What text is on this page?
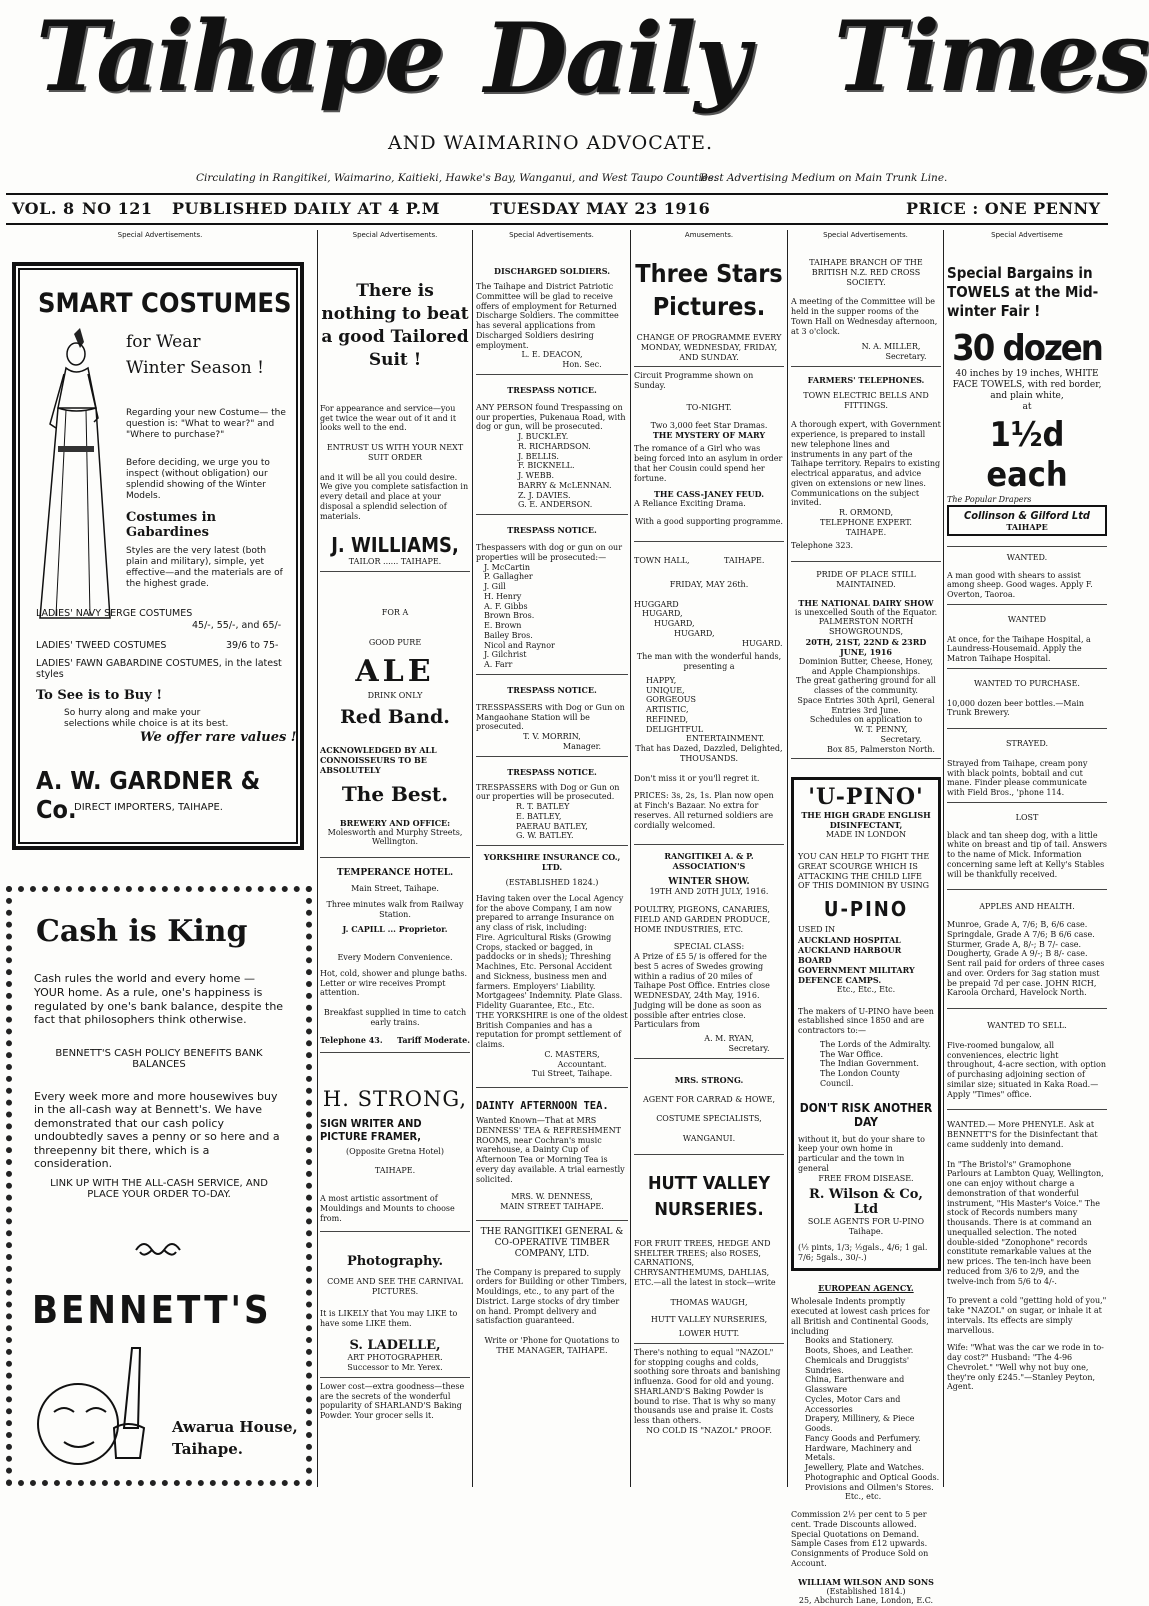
Taihape Daily Times
AND WAIMARINO ADVOCATE.
Circulating in Rangitikei, Waimarino, Kaitieki, Hawke's Bay, Wanganui, and West Taupo Counties.
Best Advertising Medium on Main Trunk Line.
VOL. 8 NO 121 PUBLISHED DAILY AT 4 P.M	TUESDAY MAY 23 1916	PRICE : ONE PENNY
Special Advertisements.	Special Advertisements.	Special Advertisements.	Amusements.	Special Advertisements.	Special Advertiseme
SMART COSTUMES
for Wear
Winter Season !
Regarding your new Costume— the question is: "What to wear?" and "Where to purchase?"
Before deciding, we urge you to inspect (without obligation) our splendid showing of the Winter Models.
Costumes in Gabardines
Styles are the very latest (both plain and military), simple, yet effective—and the materials are of the highest grade.
LADIES' NAVY SERGE COSTUMES
45/-, 55/-, and 65/-
LADIES' TWEED COSTUMES	39/6 to 75-
LADIES' FAWN GABARDINE COSTUMES, in the latest styles
To See is to Buy !
So hurry along and make your selections while choice is at its best.
We offer rare values !
A. W. GARDNER & Co.
DIRECT IMPORTERS, TAIHAPE.
Cash is King
Cash rules the world and every home —YOUR home. As a rule, one's happiness is regulated by one's bank balance, despite the fact that philosophers think otherwise.
BENNETT'S CASH POLICY BENEFITS BANK BALANCES
Every week more and more housewives buy in the all-cash way at Bennett's. We have demonstrated that our cash policy undoubtedly saves a penny or so here and a threepenny bit there, which is a consideration.
LINK UP WITH THE ALL-CASH SERVICE, AND PLACE YOUR ORDER TO-DAY.
BENNETT'S
Awarua House,
Taihape.
There is nothing to beat a good Tailored Suit !
For appearance and service—you get twice the wear out of it and it looks well to the end.
ENTRUST US WITH YOUR NEXT SUIT ORDER
and it will be all you could desire. We give you complete satisfaction in every detail and place at your disposal a splendid selection of materials.
J. WILLIAMS,
TAILOR ...... TAIHAPE.
FOR A
GOOD PURE
ALE
DRINK ONLY
Red Band.
ACKNOWLEDGED BY ALL CONNOISSEURS TO BE ABSOLUTELY
The Best.
BREWERY AND OFFICE:
Molesworth and Murphy Streets, Wellington.
TEMPERANCE HOTEL.
Main Street, Taihape.
Three minutes walk from Railway Station.
J. CAPILL ... Proprietor.
Every Modern Convenience.
Hot, cold, shower and plunge baths. Letter or wire receives Prompt attention.
Breakfast supplied in time to catch early trains.
Telephone 43. Tariff Moderate.
H. STRONG,
SIGN WRITER AND PICTURE FRAMER,
(Opposite Gretna Hotel)
TAIHAPE.
A most artistic assortment of Mouldings and Mounts to choose from.
Photography.
COME AND SEE THE CARNIVAL PICTURES.
It is LIKELY that You may LIKE to have some LIKE them.
S. LADELLE,
ART PHOTOGRAPHER.
Successor to Mr. Yerex.
Lower cost—extra goodness—these are the secrets of the wonderful popularity of SHARLAND'S Baking Powder. Your grocer sells it.
DISCHARGED SOLDIERS.
The Taihape and District Patriotic Committee will be glad to receive offers of employment for Returned Discharge Soldiers. The committee has several applications from Discharged Soldiers desiring employment.
L. E. DEACON,
Hon. Sec.
TRESPASS NOTICE.
ANY PERSON found Trespassing on our properties, Pukenaua Road, with dog or gun, will be prosecuted.
J. BUCKLEY.
R. RICHARDSON.
J. BELLIS.
F. BICKNELL.
J. WEBB.
BARRY & McLENNAN.
Z. J. DAVIES.
G. E. ANDERSON.
TRESPASS NOTICE.
Thespassers with dog or gun on our properties will be prosecuted:—
J. McCartin
P. Gallagher
J. Gill
H. Henry
A. F. Gibbs
Brown Bros.
E. Brown
Bailey Bros.
Nicol and Raynor
J. Gilchrist
A. Farr
TRESPASS NOTICE.
TRESSPASSERS with Dog or Gun on Mangaohane Station will be prosecuted.
T. V. MORRIN,
Manager.
TRESPASS NOTICE.
TRESPASSERS with Dog or Gun on our properties will be prosecuted.
R. T. BATLEY
E. BATLEY,
PAERAU BATLEY,
G. W. BATLEY.
YORKSHIRE INSURANCE CO., LTD.
(ESTABLISHED 1824.)
Having taken over the Local Agency for the above Company, I am now prepared to arrange Insurance on any class of risk, including:
Fire. Agricultural Risks (Growing Crops, stacked or bagged, in paddocks or in sheds); Threshing Machines, Etc. Personal Accident and Sickness, business men and farmers. Employers' Liability. Mortgagees' Indemnity. Plate Glass. Fidelity Guarantee, Etc., Etc.
THE YORKSHIRE is one of the oldest British Companies and has a reputation for prompt settlement of claims.
C. MASTERS,
Accountant.
Tui Street, Taihape.
DAINTY AFTERNOON TEA.
Wanted Known—That at MRS DENNESS' TEA & REFRESHMENT ROOMS, near Cochran's music warehouse, a Dainty Cup of Afternoon Tea or Morning Tea is every day available. A trial earnestly solicited.
MRS. W. DENNESS,
MAIN STREET TAIHAPE.
THE RANGITIKEI GENERAL & CO-OPERATIVE TIMBER COMPANY, LTD.
The Company is prepared to supply orders for Building or other Timbers, Mouldings, etc., to any part of the District. Large stocks of dry timber on hand. Prompt delivery and satisfaction guaranteed.
Write or 'Phone for Quotations to
THE MANAGER, TAIHAPE.
Three Stars Pictures.
CHANGE OF PROGRAMME EVERY MONDAY, WEDNESDAY, FRIDAY, AND SUNDAY.
Circuit Programme shown on Sunday.
TO-NIGHT.
Two 3,000 feet Star Dramas.
THE MYSTERY OF MARY
The romance of a Girl who was being forced into an asylum in order that her Cousin could spend her fortune.
THE CASS-JANEY FEUD.
A Reliance Exciting Drama.
With a good supporting programme.
TOWN HALL,	TAIHAPE.
FRIDAY, MAY 26th.
HUGGARD
HUGARD,
HUGARD,
HUGARD,
HUGARD.
The man with the wonderful hands, presenting a
HAPPY,
UNIQUE,
GORGEOUS
ARTISTIC,
REFINED,
DELIGHTFUL
ENTERTAINMENT.
That has Dazed, Dazzled, Delighted, THOUSANDS.
Don't miss it or you'll regret it.
PRICES: 3s, 2s, 1s. Plan now open at Finch's Bazaar. No extra for reserves. All returned soldiers are cordially welcomed.
RANGITIKEI A. & P. ASSOCIATION'S
WINTER SHOW.
19TH AND 20TH JULY, 1916.
POULTRY, PIGEONS, CANARIES, FIELD AND GARDEN PRODUCE, HOME INDUSTRIES, ETC.
SPECIAL CLASS:
A Prize of £5 5/ is offered for the best 5 acres of Swedes growing within a radius of 20 miles of Taihape Post Office. Entries close WEDNESDAY, 24th May, 1916. Judging will be done as soon as possible after entries close. Particulars from
A. M. RYAN,
Secretary.
MRS. STRONG.
AGENT FOR CARRAD & HOWE,
COSTUME SPECIALISTS,
WANGANUI.
HUTT VALLEY NURSERIES.
FOR FRUIT TREES, HEDGE AND SHELTER TREES; also ROSES, CARNATIONS, CHRYSANTHEMUMS, DAHLIAS, ETC.—all the latest in stock—write
THOMAS WAUGH,
HUTT VALLEY NURSERIES,
LOWER HUTT.
There's nothing to equal "NAZOL" for stopping coughs and colds, soothing sore throats and banishing influenza. Good for old and young. SHARLAND'S Baking Powder is bound to rise. That is why so many thousands use and praise it. Costs less than others.
NO COLD IS "NAZOL" PROOF.
TAIHAPE BRANCH OF THE BRITISH N.Z. RED CROSS SOCIETY.
A meeting of the Committee will be held in the supper rooms of the Town Hall on Wednesday afternoon, at 3 o'clock.
N. A. MILLER,
Secretary.
FARMERS' TELEPHONES.
TOWN ELECTRIC BELLS AND FITTINGS.
A thorough expert, with Government experience, is prepared to install new telephone lines and instruments in any part of the Taihape territory. Repairs to existing electrical apparatus, and advice given on extensions or new lines.
Communications on the subject invited.
R. ORMOND,
TELEPHONE EXPERT.
TAIHAPE.
Telephone 323.
PRIDE OF PLACE STILL MAINTAINED.
THE NATIONAL DAIRY SHOW
is unexcelled South of the Equator. PALMERSTON NORTH SHOWGROUNDS,
20TH, 21ST, 22ND & 23RD JUNE, 1916
Dominion Butter, Cheese, Honey, and Apple Championships.
The great gathering ground for all classes of the community.
Space Entries 30th April, General Entries 3rd June.
Schedules on application to
W. T. PENNY,
Secretary.
Box 85, Palmerston North.
'U-PINO'
THE HIGH GRADE ENGLISH DISINFECTANT,
MADE IN LONDON
YOU CAN HELP TO FIGHT THE GREAT SCOURGE WHICH IS ATTACKING THE CHILD LIFE OF THIS DOMINION BY USING
U-PINO
USED IN
AUCKLAND HOSPITAL
AUCKLAND HARBOUR BOARD
GOVERNMENT MILITARY DEFENCE CAMPS.
Etc., Etc., Etc.
The makers of U-PINO have been established since 1850 and are contractors to:—
The Lords of the Admiralty.
The War Office.
The Indian Government.
The London County Council.
DON'T RISK ANOTHER DAY
without it, but do your share to keep your own home in particular and the town in general
FREE FROM DISEASE.
R. Wilson & Co, Ltd
SOLE AGENTS FOR U-PINO
Taihape.
(½ pints, 1/3; ½gals., 4/6; 1 gal. 7/6; 5gals., 30/-.)
EUROPEAN AGENCY.
Wholesale Indents promptly executed at lowest cash prices for all British and Continental Goods, including
Books and Stationery.
Boots, Shoes, and Leather.
Chemicals and Druggists' Sundries.
China, Earthenware and Glassware
Cycles, Motor Cars and Accessories
Drapery, Millinery, & Piece Goods.
Fancy Goods and Perfumery.
Hardware, Machinery and Metals.
Jewellery, Plate and Watches.
Photographic and Optical Goods.
Provisions and Oilmen's Stores.
Etc., etc.
Commission 2½ per cent to 5 per cent. Trade Discounts allowed. Special Quotations on Demand. Sample Cases from £12 upwards. Consignments of Produce Sold on Account.
WILLIAM WILSON AND SONS
(Established 1814.)
25, Abchurch Lane, London, E.C.
Special Bargains in TOWELS at the Mid-winter Fair !
30 dozen
40 inches by 19 inches, WHITE FACE TOWELS, with red border, and plain white,
at
1½d each
The Popular Drapers
Collinson & Gilford Ltd
TAIHAPE
WANTED.
A man good with shears to assist among sheep. Good wages. Apply F. Overton, Taoroa.
WANTED
At once, for the Taihape Hospital, a Laundress-Housemaid. Apply the Matron Taihape Hospital.
WANTED TO PURCHASE.
10,000 dozen beer bottles.—Main Trunk Brewery.
STRAYED.
Strayed from Taihape, cream pony with black points, bobtail and cut mane. Finder please communicate with Field Bros., 'phone 114.
LOST
black and tan sheep dog, with a little white on breast and tip of tail. Answers to the name of Mick. Information concerning same left at Kelly's Stables will be thankfully received.
APPLES AND HEALTH.
Munroe, Grade A, 7/6; B, 6/6 case. Springdale, Grade A 7/6; B 6/6 case. Sturmer, Grade A, 8/-; B 7/- case. Dougherty, Grade A 9/-; B 8/- case. Sent rail paid for orders of three cases and over. Orders for 3ag station must be prepaid 7d per case. JOHN RICH, Karoola Orchard, Havelock North.
WANTED TO SELL.
Five-roomed bungalow, all conveniences, electric light throughout, 4-acre section, with option of purchasing adjoining section of similar size; situated in Kaka Road.—Apply "Times" office.
WANTED.— More PHENYLE. Ask at BENNETT'S for the Disinfectant that came suddenly into demand.
In "The Bristol's" Gramophone Parlours at Lambton Quay, Wellington, one can enjoy without charge a demonstration of that wonderful instrument, "His Master's Voice." The stock of Records numbers many thousands. There is at command an unequalled selection. The noted double-sided "Zonophone" records constitute remarkable values at the new prices. The ten-inch have been reduced from 3/6 to 2/9, and the twelve-inch from 5/6 to 4/-.
To prevent a cold "getting hold of you," take "NAZOL" on sugar, or inhale it at intervals. Its effects are simply marvellous.
Wife: "What was the car we rode in to-day cost?" Husband: "The 4-96 Chevrolet." "Well why not buy one, they're only £245."—Stanley Peyton, Agent.
